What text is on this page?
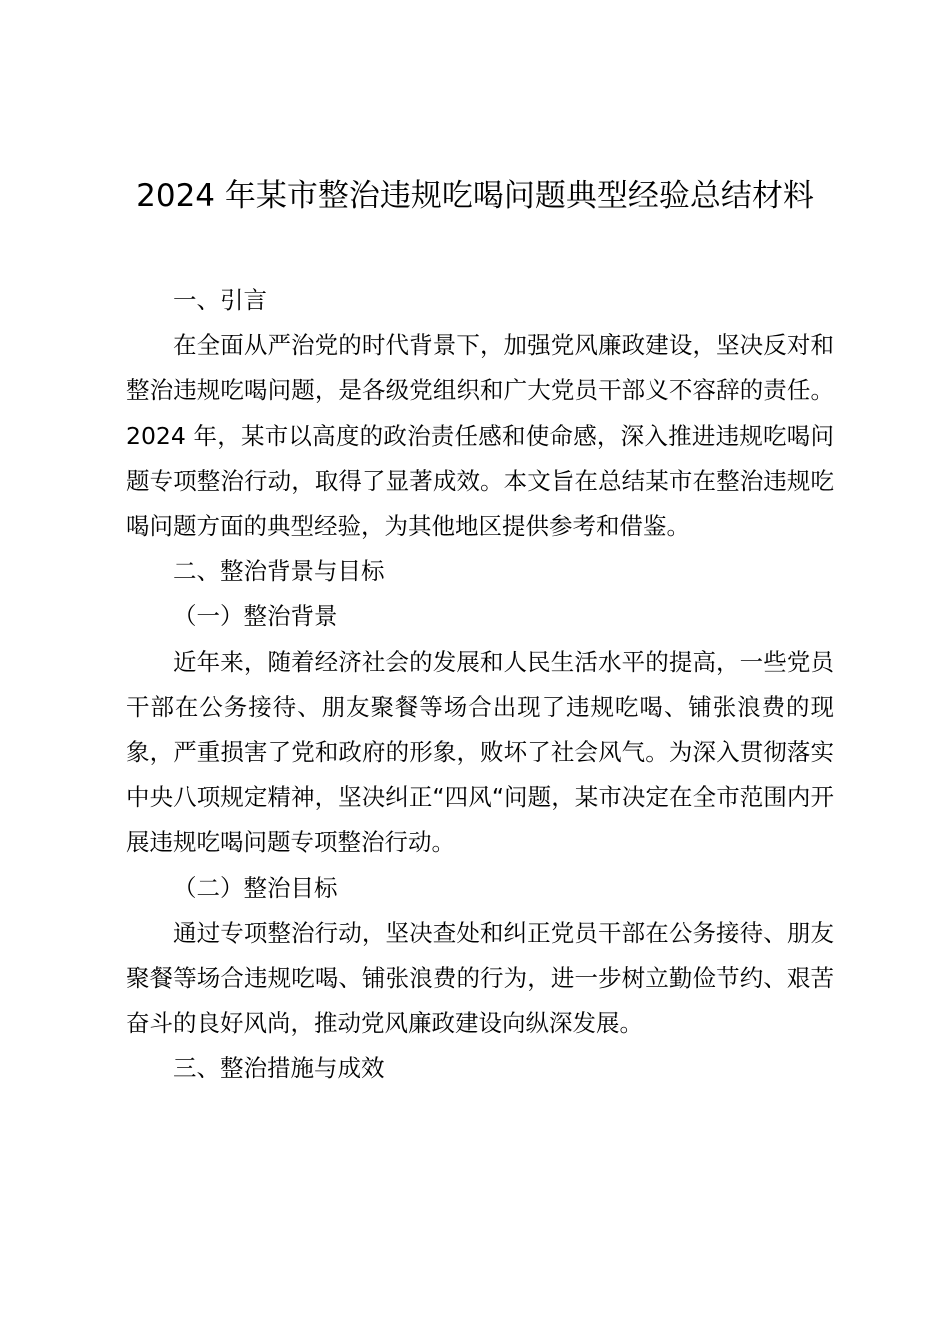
2024 年某市整治违规吃喝问题典型经验总结材料

一、引言

在全面从严治党的时代背景下，加强党风廉政建设，坚决反对和整治违规吃喝问题，是各级党组织和广大党员干部义不容辞的责任。2024 年，某市以高度的政治责任感和使命感，深入推进违规吃喝问题专项整治行动，取得了显著成效。本文旨在总结某市在整治违规吃喝问题方面的典型经验，为其他地区提供参考和借鉴。

二、整治背景与目标

（一）整治背景

近年来，随着经济社会的发展和人民生活水平的提高，一些党员干部在公务接待、朋友聚餐等场合出现了违规吃喝、铺张浪费的现象，严重损害了党和政府的形象，败坏了社会风气。为深入贯彻落实中央八项规定精神，坚决纠正“四风“问题，某市决定在全市范围内开展违规吃喝问题专项整治行动。

（二）整治目标

通过专项整治行动，坚决查处和纠正党员干部在公务接待、朋友聚餐等场合违规吃喝、铺张浪费的行为，进一步树立勤俭节约、艰苦奋斗的良好风尚，推动党风廉政建设向纵深发展。

三、整治措施与成效
